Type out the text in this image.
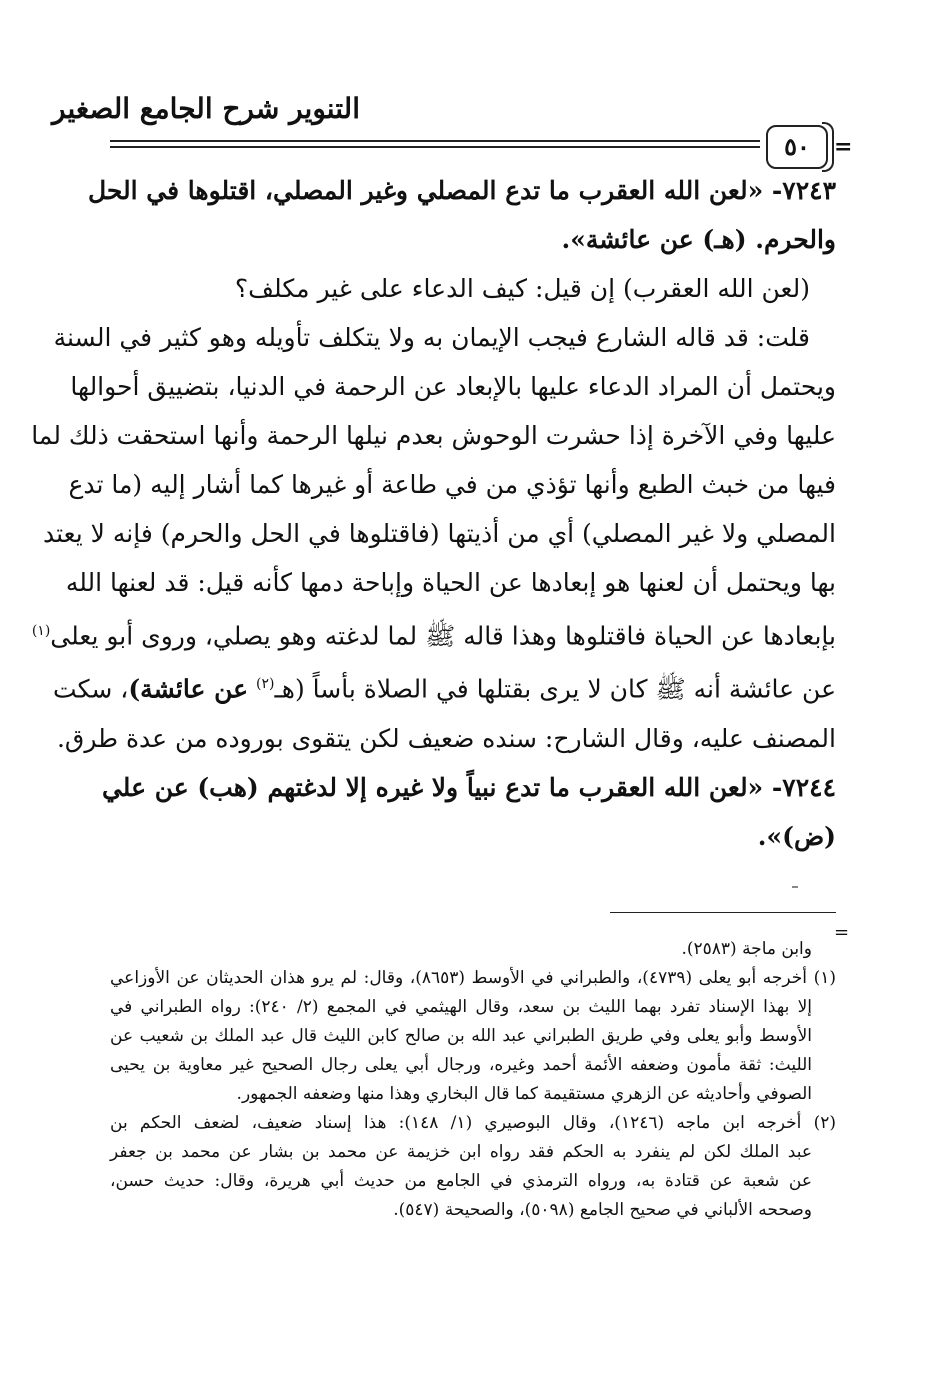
التنوير شرح الجامع الصغير
٥٠	=
٧٢٤٣- «لعن الله العقرب ما تدع المصلي وغير المصلي، اقتلوها في الحل
والحرم. (هـ) عن عائشة».
(لعن الله العقرب) إن قيل: كيف الدعاء على غير مكلف؟
قلت: قد قاله الشارع فيجب الإيمان به ولا يتكلف تأويله وهو كثير في السنة
ويحتمل أن المراد الدعاء عليها بالإبعاد عن الرحمة في الدنيا، بتضييق أحوالها
عليها وفي الآخرة إذا حشرت الوحوش بعدم نيلها الرحمة وأنها استحقت ذلك لما
فيها من خبث الطبع وأنها تؤذي من في طاعة أو غيرها كما أشار إليه (ما تدع
المصلي ولا غير المصلي) أي من أذيتها (فاقتلوها في الحل والحرم) فإنه لا يعتد
بها ويحتمل أن لعنها هو إبعادها عن الحياة وإباحة دمها كأنه قيل: قد لعنها الله
بإبعادها عن الحياة فاقتلوها وهذا قاله ﷺ لما لدغته وهو يصلي، وروى أبو يعلى$^{(١)}$
عن عائشة أنه ﷺ كان لا يرى بقتلها في الصلاة بأساً (هـ$^{(٢)}$ عن عائشة)، سكت
المصنف عليه، وقال الشارح: سنده ضعيف لكن يتقوى بوروده من عدة طرق.
٧٢٤٤- «لعن الله العقرب ما تدع نبياً ولا غيره إلا لدغتهم (هب) عن علي
(ض)».
=
وابن ماجة (٢٥٨٣).
(١) أخرجه أبو يعلى (٤٧٣٩)، والطبراني في الأوسط (٨٦٥٣)، وقال: لم يرو هذان الحديثان عن الأوزاعي
إلا بهذا الإسناد تفرد بهما الليث بن سعد، وقال الهيثمي في المجمع (٢/ ٢٤٠): رواه الطبراني في
الأوسط وأبو يعلى وفي طريق الطبراني عبد الله بن صالح كابن الليث قال عبد الملك بن شعيب عن
الليث: ثقة مأمون وضعفه الأئمة أحمد وغيره، ورجال أبي يعلى رجال الصحيح غير معاوية بن يحيى
الصوفي وأحاديثه عن الزهري مستقيمة كما قال البخاري وهذا منها وضعفه الجمهور.
(٢) أخرجه ابن ماجه (١٢٤٦)، وقال البوصيري (١/ ١٤٨): هذا إسناد ضعيف، لضعف الحكم بن
عبد الملك لكن لم ينفرد به الحكم فقد رواه ابن خزيمة عن محمد بن بشار عن محمد بن جعفر
عن شعبة عن قتادة به، ورواه الترمذي في الجامع من حديث أبي هريرة، وقال: حديث حسن،
وصححه الألباني في صحيح الجامع (٥٠٩٨)، والصحيحة (٥٤٧).
